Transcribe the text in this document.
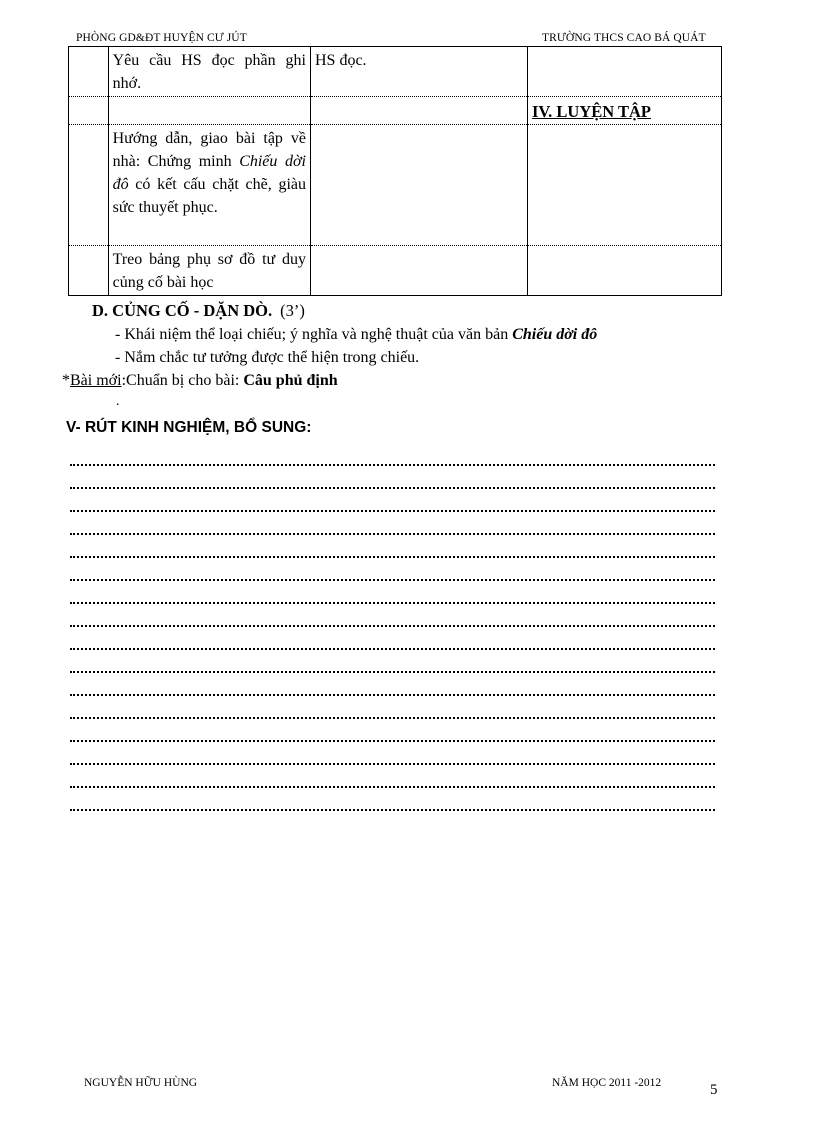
PHÒNG GD&ĐT HUYỆN CƯ JÚT	TRƯỜNG THCS CAO BÁ QUÁT
	Yêu cầu HS đọc phần ghi nhớ.	HS đọc.	

			IV. LUYỆN TẬP

	Hướng dẫn, giao bài tập về nhà: Chứng minh Chiếu dời đô có kết cấu chặt chẽ, giàu sức thuyết phục.		
	Treo bảng phụ sơ đồ tư duy củng cố bài học		
D. CỦNG CỐ - DẶN DÒ. (3’)
- Khái niệm thể loại chiếu; ý nghĩa và nghệ thuật của văn bản Chiếu dời đô
- Nắm chắc tư tưởng được thể hiện trong chiếu.
*Bài mới:Chuẩn bị cho bài: Câu phủ định
.
V- RÚT KINH NGHIỆM, BỔ SUNG:
NGUYỄN HỮU HÙNG	NĂM HỌC 2011 -2012	5
